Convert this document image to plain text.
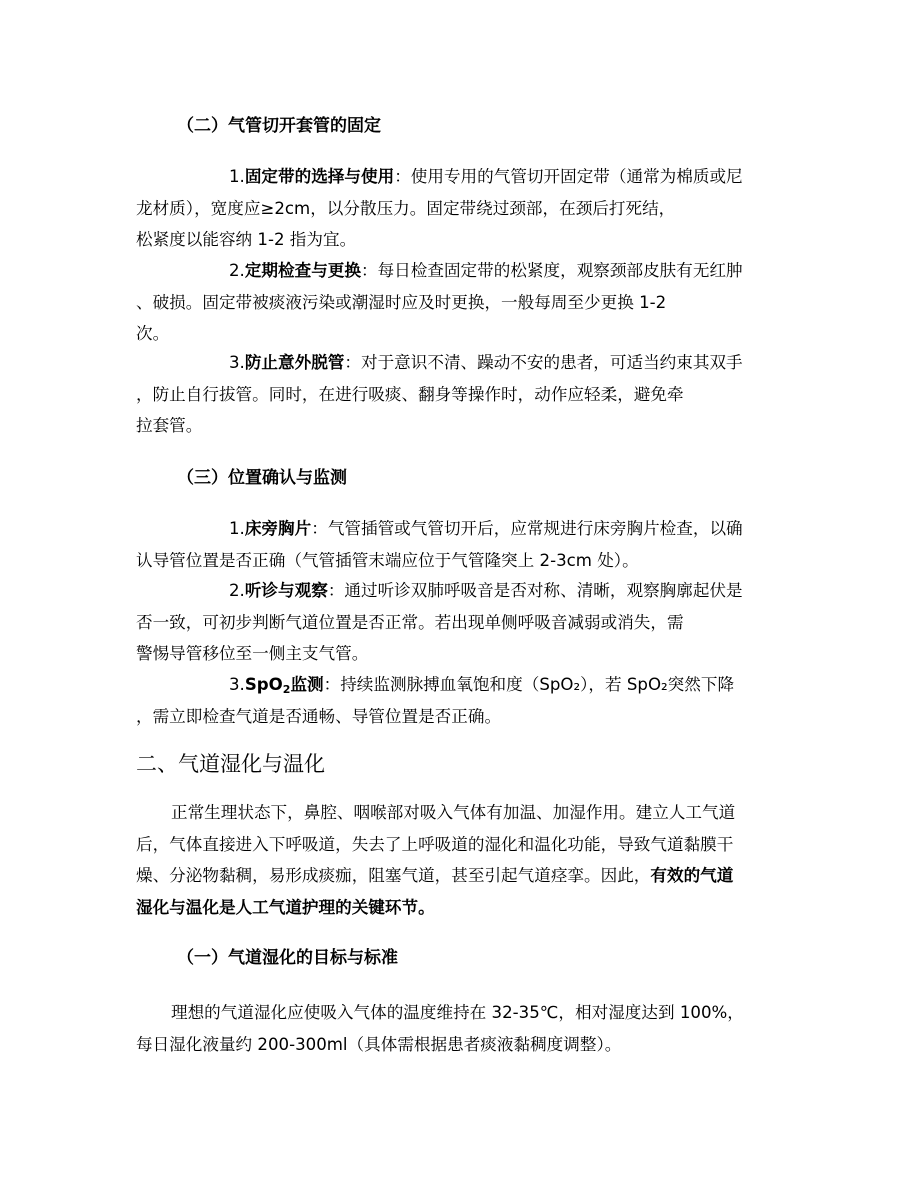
（二）气管切开套管的固定
1.固定带的选择与使用：使用专用的气管切开固定带（通常为棉质或尼
龙材质），宽度应≥2cm，以分散压力。固定带绕过颈部，在颈后打死结，
松紧度以能容纳 1-2 指为宜。
2.定期检查与更换：每日检查固定带的松紧度，观察颈部皮肤有无红肿
、破损。固定带被痰液污染或潮湿时应及时更换，一般每周至少更换 1-2
次。
3.防止意外脱管：对于意识不清、躁动不安的患者，可适当约束其双手
，防止自行拔管。同时，在进行吸痰、翻身等操作时，动作应轻柔，避免牵
拉套管。
（三）位置确认与监测
1.床旁胸片：气管插管或气管切开后，应常规进行床旁胸片检查，以确
认导管位置是否正确（气管插管末端应位于气管隆突上 2-3cm 处）。
2.听诊与观察：通过听诊双肺呼吸音是否对称、清晰，观察胸廓起伏是
否一致，可初步判断气道位置是否正常。若出现单侧呼吸音减弱或消失，需
警惕导管移位至一侧主支气管。
3.SpO$_2$监测：持续监测脉搏血氧饱和度（SpO₂），若 SpO₂突然下降
，需立即检查气道是否通畅、导管位置是否正确。
二、气道湿化与温化
正常生理状态下，鼻腔、咽喉部对吸入气体有加温、加湿作用。建立人工气道
后，气体直接进入下呼吸道，失去了上呼吸道的湿化和温化功能，导致气道黏膜干
燥、分泌物黏稠，易形成痰痂，阻塞气道，甚至引起气道痉挛。因此，有效的气道
湿化与温化是人工气道护理的关键环节。
（一）气道湿化的目标与标准
理想的气道湿化应使吸入气体的温度维持在 32-35℃，相对湿度达到 100%，
每日湿化液量约 200-300ml（具体需根据患者痰液黏稠度调整）。
